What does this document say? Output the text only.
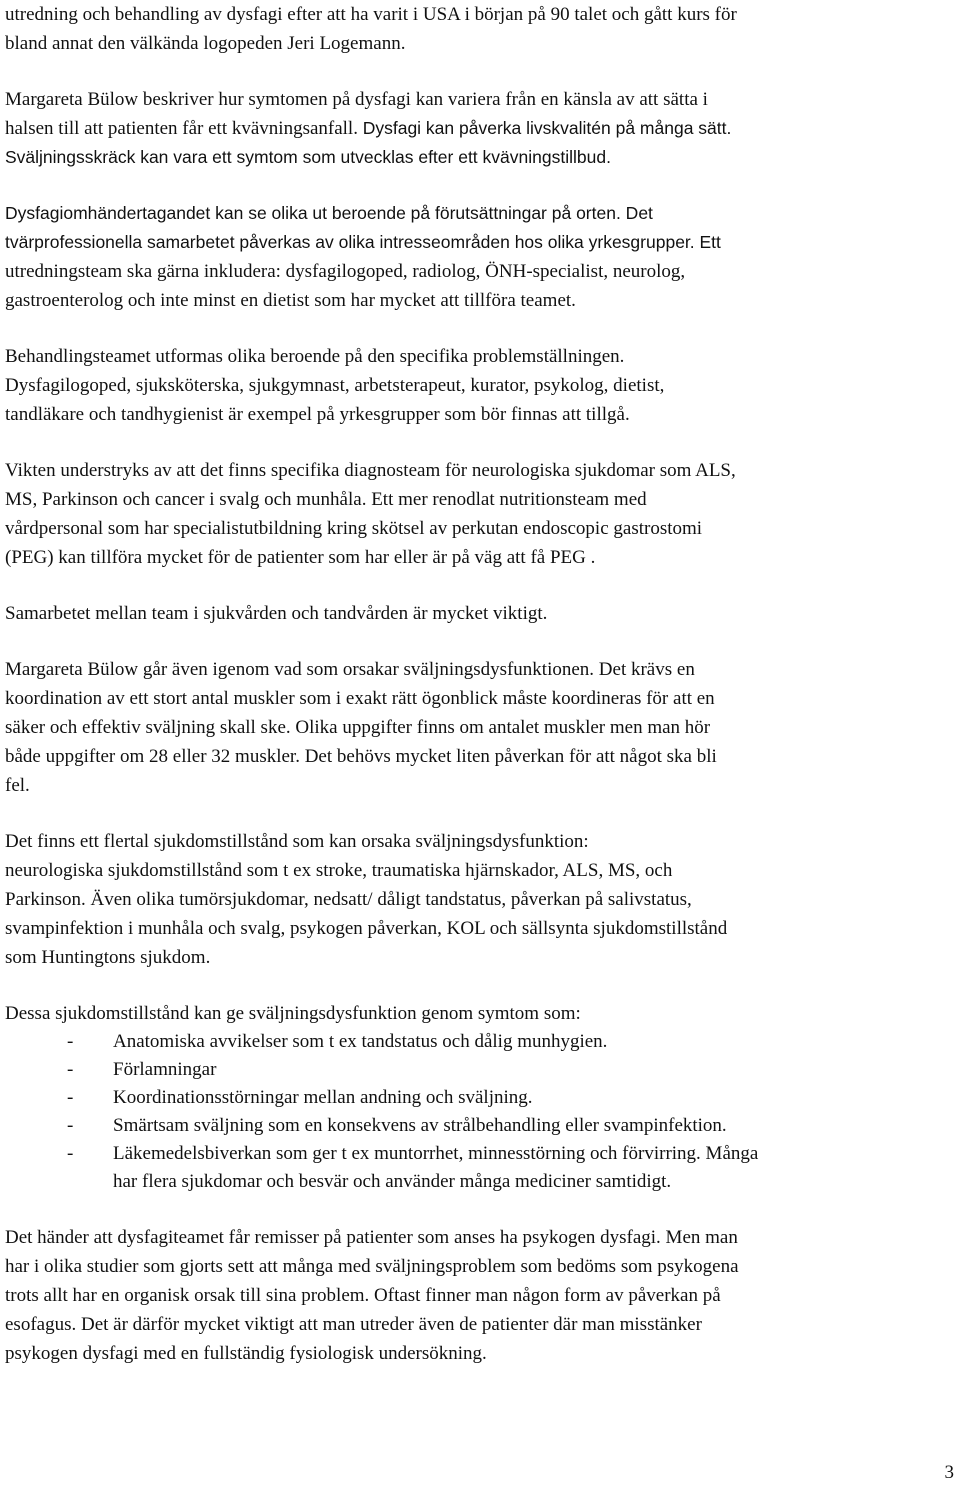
utredning och behandling av dysfagi efter att ha varit i USA i början på 90 talet och gått kurs för
bland annat den välkända logopeden Jeri Logemann.
Margareta Bülow beskriver hur symtomen på dysfagi kan variera från en känsla av att sätta i
halsen till att patienten får ett kvävningsanfall. Dysfagi kan påverka livskvalitén på många sätt.
Sväljningsskräck kan vara ett symtom som utvecklas efter ett kvävningstillbud.
Dysfagiomhändertagandet kan se olika ut beroende på förutsättningar på orten. Det
tvärprofessionella samarbetet påverkas av olika intresseområden hos olika yrkesgrupper. Ett
utredningsteam ska gärna inkludera: dysfagilogoped, radiolog, ÖNH-specialist, neurolog,
gastroenterolog och inte minst en dietist som har mycket att tillföra teamet.
Behandlingsteamet utformas olika beroende på den specifika problemställningen.
Dysfagilogoped, sjuksköterska, sjukgymnast, arbetsterapeut, kurator, psykolog, dietist,
tandläkare och tandhygienist är exempel på yrkesgrupper som bör finnas att tillgå.
Vikten understryks av att det finns specifika diagnosteam för neurologiska sjukdomar som ALS,
MS, Parkinson och cancer i svalg och munhåla. Ett mer renodlat nutritionsteam med
vårdpersonal som har specialistutbildning kring skötsel av perkutan endoscopic gastrostomi
(PEG) kan tillföra mycket för de patienter som har eller är på väg att få PEG .
Samarbetet mellan team i sjukvården och tandvården är mycket viktigt.
Margareta Bülow går även igenom vad som orsakar sväljningsdysfunktionen. Det krävs en
koordination av ett stort antal muskler som i exakt rätt ögonblick måste koordineras för att en
säker och effektiv sväljning skall ske. Olika uppgifter finns om antalet muskler men man hör
både uppgifter om 28 eller 32 muskler. Det behövs mycket liten påverkan för att något ska bli
fel.
Det finns ett flertal sjukdomstillstånd som kan orsaka sväljningsdysfunktion:
neurologiska sjukdomstillstånd som t ex stroke, traumatiska hjärnskador, ALS, MS, och
Parkinson. Även olika tumörsjukdomar, nedsatt/ dåligt tandstatus, påverkan på salivstatus,
svampinfektion i munhåla och svalg, psykogen påverkan, KOL och sällsynta sjukdomstillstånd
som Huntingtons sjukdom.
Dessa sjukdomstillstånd kan ge sväljningsdysfunktion genom symtom som:
- Anatomiska avvikelser som t ex tandstatus och dålig munhygien.
- Förlamningar
- Koordinationsstörningar mellan andning och sväljning.
- Smärtsam sväljning som en konsekvens av strålbehandling eller svampinfektion.
- Läkemedelsbiverkan som ger t ex muntorrhet, minnesstörning och förvirring. Många
har flera sjukdomar och besvär och använder många mediciner samtidigt.
Det händer att dysfagiteamet får remisser på patienter som anses ha psykogen dysfagi. Men man
har i olika studier som gjorts sett att många med sväljningsproblem som bedöms som psykogena
trots allt har en organisk orsak till sina problem. Oftast finner man någon form av påverkan på
esofagus. Det är därför mycket viktigt att man utreder även de patienter där man misstänker
psykogen dysfagi med en fullständig fysiologisk undersökning.
3
